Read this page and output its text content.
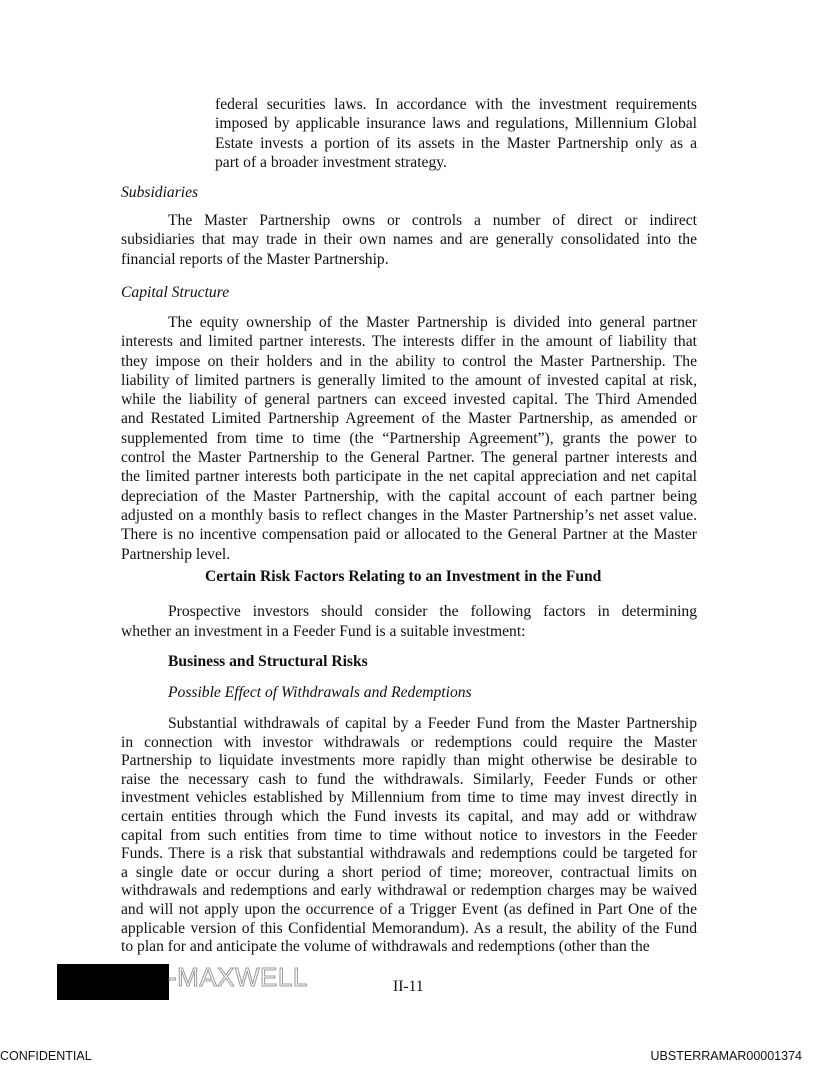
federal securities laws. In accordance with the investment requirements
imposed by applicable insurance laws and regulations, Millennium Global
Estate invests a portion of its assets in the Master Partnership only as a
part of a broader investment strategy.
Subsidiaries
The Master Partnership owns or controls a number of direct or indirect
subsidiaries that may trade in their own names and are generally consolidated into the
financial reports of the Master Partnership.
Capital Structure
The equity ownership of the Master Partnership is divided into general partner
interests and limited partner interests. The interests differ in the amount of liability that
they impose on their holders and in the ability to control the Master Partnership. The
liability of limited partners is generally limited to the amount of invested capital at risk,
while the liability of general partners can exceed invested capital. The Third Amended
and Restated Limited Partnership Agreement of the Master Partnership, as amended or
supplemented from time to time (the “Partnership Agreement”), grants the power to
control the Master Partnership to the General Partner. The general partner interests and
the limited partner interests both participate in the net capital appreciation and net capital
depreciation of the Master Partnership, with the capital account of each partner being
adjusted on a monthly basis to reflect changes in the Master Partnership’s net asset value.
There is no incentive compensation paid or allocated to the General Partner at the Master
Partnership level.
Certain Risk Factors Relating to an Investment in the Fund
Prospective investors should consider the following factors in determining
whether an investment in a Feeder Fund is a suitable investment:
Business and Structural Risks
Possible Effect of Withdrawals and Redemptions
Substantial withdrawals of capital by a Feeder Fund from the Master Partnership
in connection with investor withdrawals or redemptions could require the Master
Partnership to liquidate investments more rapidly than might otherwise be desirable to
raise the necessary cash to fund the withdrawals. Similarly, Feeder Funds or other
investment vehicles established by Millennium from time to time may invest directly in
certain entities through which the Fund invests its capital, and may add or withdraw
capital from such entities from time to time without notice to investors in the Feeder
Funds. There is a risk that substantial withdrawals and redemptions could be targeted for
a single date or occur during a short period of time; moreover, contractual limits on
withdrawals and redemptions and early withdrawal or redemption charges may be waived
and will not apply upon the occurrence of a Trigger Event (as defined in Part One of the
applicable version of this Confidential Memorandum). As a result, the ability of the Fund
to plan for and anticipate the volume of withdrawals and redemptions (other than the
-MAXWELL	II-11
CONFIDENTIAL	UBSTERRAMAR00001374
